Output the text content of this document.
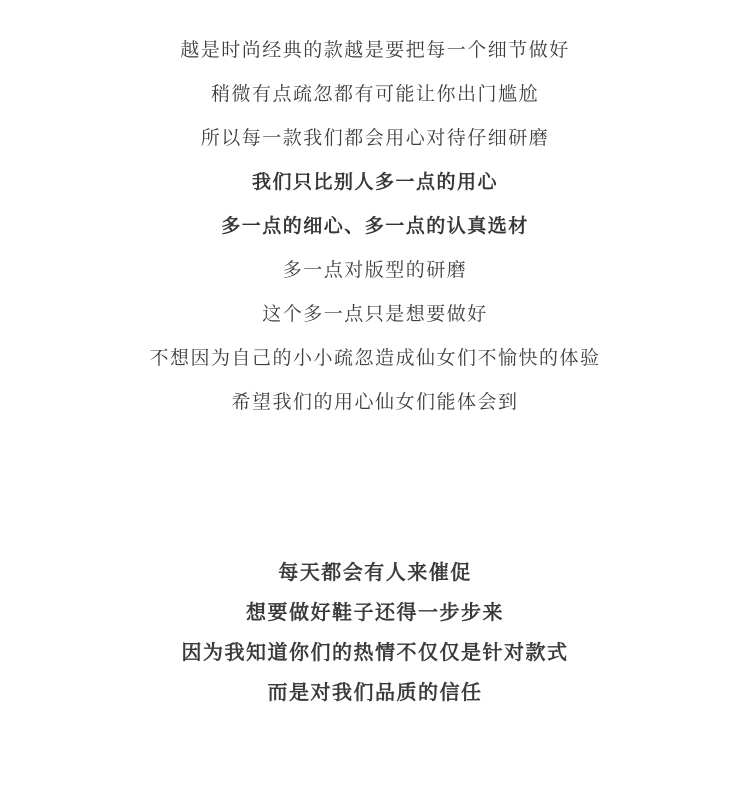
越是时尚经典的款越是要把每一个细节做好
稍微有点疏忽都有可能让你出门尴尬
所以每一款我们都会用心对待仔细研磨
我们只比别人多一点的用心
多一点的细心、多一点的认真选材
多一点对版型的研磨
这个多一点只是想要做好
不想因为自己的小小疏忽造成仙女们不愉快的体验
希望我们的用心仙女们能体会到
每天都会有人来催促
想要做好鞋子还得一步步来
因为我知道你们的热情不仅仅是针对款式
而是对我们品质的信任
